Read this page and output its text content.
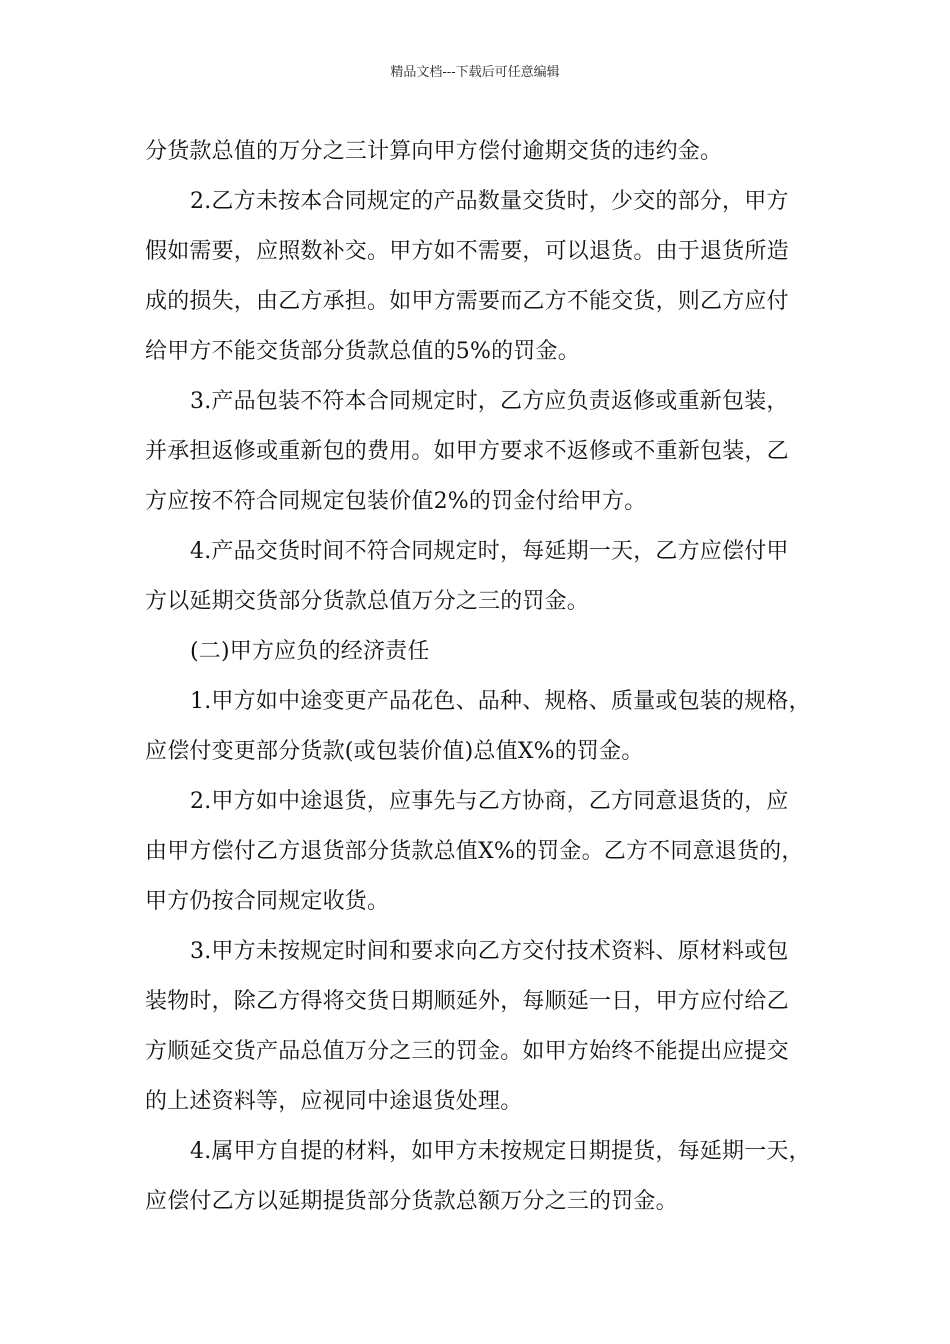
精品文档---下载后可任意编辑
分货款总值的万分之三计算向甲方偿付逾期交货的违约金。
2.乙方未按本合同规定的产品数量交货时，少交的部分，甲方
假如需要，应照数补交。甲方如不需要，可以退货。由于退货所造
成的损失，由乙方承担。如甲方需要而乙方不能交货，则乙方应付
给甲方不能交货部分货款总值的5%的罚金。
3.产品包装不符本合同规定时，乙方应负责返修或重新包装，
并承担返修或重新包的费用。如甲方要求不返修或不重新包装，乙
方应按不符合同规定包装价值2%的罚金付给甲方。
4.产品交货时间不符合同规定时，每延期一天，乙方应偿付甲
方以延期交货部分货款总值万分之三的罚金。
(二)甲方应负的经济责任
1.甲方如中途变更产品花色、品种、规格、质量或包装的规格，
应偿付变更部分货款(或包装价值)总值X%的罚金。
2.甲方如中途退货，应事先与乙方协商，乙方同意退货的，应
由甲方偿付乙方退货部分货款总值X%的罚金。乙方不同意退货的，
甲方仍按合同规定收货。
3.甲方未按规定时间和要求向乙方交付技术资料、原材料或包
装物时，除乙方得将交货日期顺延外，每顺延一日，甲方应付给乙
方顺延交货产品总值万分之三的罚金。如甲方始终不能提出应提交
的上述资料等，应视同中途退货处理。
4.属甲方自提的材料，如甲方未按规定日期提货，每延期一天，
应偿付乙方以延期提货部分货款总额万分之三的罚金。
